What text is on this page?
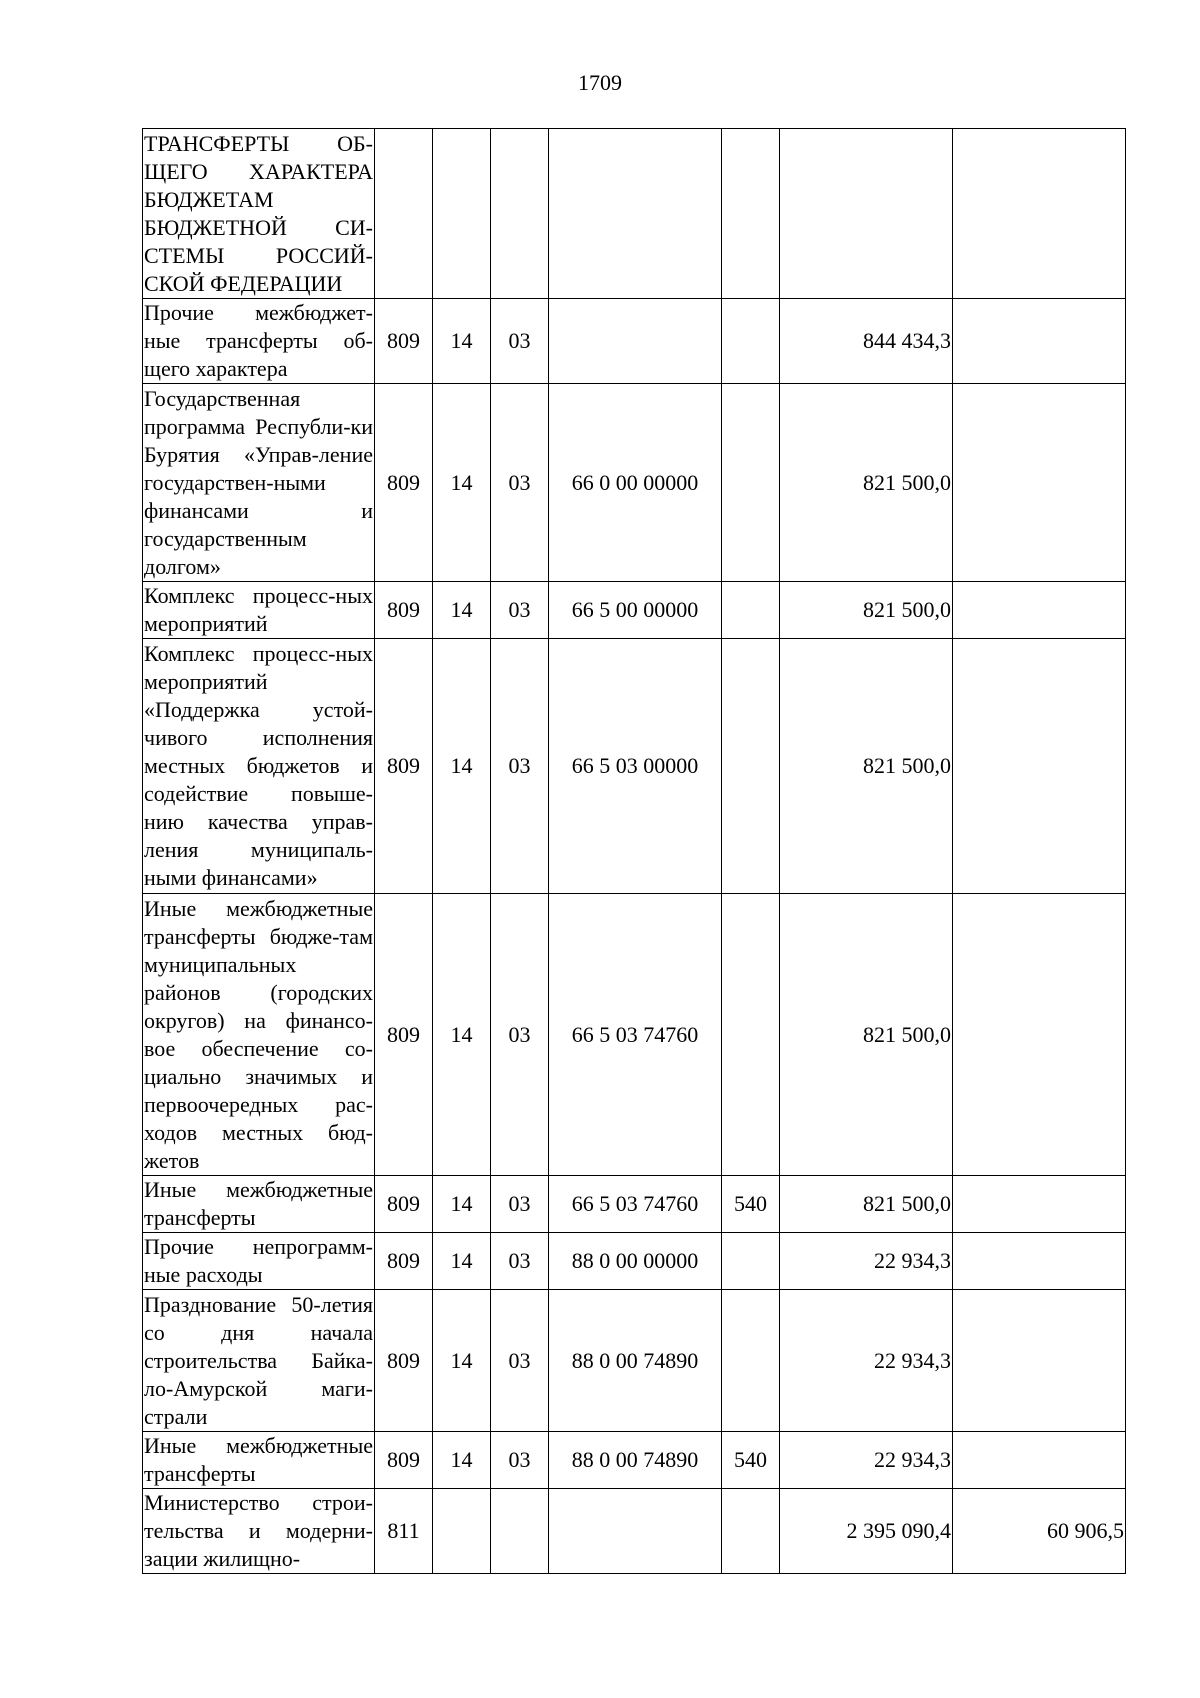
1709
ТРАНСФЕРТЫ ОБ-ЩЕГО ХАРАКТЕРА БЮДЖЕТАМ БЮДЖЕТНОЙ СИ-СТЕМЫ РОССИЙ-СКОЙ ФЕДЕРАЦИИ							
Прочие межбюджет-ные трансферты об-щего характера	809	14	03			844 434,3	
Государственная программа Республи-ки Бурятия «Управ-ление государствен-ными финансами и государственным долгом»	809	14	03	66 0 00 00000		821 500,0	
Комплекс процесс-ных мероприятий	809	14	03	66 5 00 00000		821 500,0	
Комплекс процесс-ных мероприятий «Поддержка устой-чивого исполнения местных бюджетов и содействие повыше-нию качества управ-ления муниципаль-ными финансами»	809	14	03	66 5 03 00000		821 500,0	
Иные межбюджетные трансферты бюдже-там муниципальных районов (городских округов) на финансо-вое обеспечение со-циально значимых и первоочередных рас-ходов местных бюд-жетов	809	14	03	66 5 03 74760		821 500,0	
Иные межбюджетные трансферты	809	14	03	66 5 03 74760	540	821 500,0	
Прочие непрограмм-ные расходы	809	14	03	88 0 00 00000		22 934,3	
Празднование 50-летия со дня начала строительства Байка-ло-Амурской маги-страли	809	14	03	88 0 00 74890		22 934,3	
Иные межбюджетные трансферты	809	14	03	88 0 00 74890	540	22 934,3	
Министерство строи-тельства и модерни-зации жилищно-	811					2 395 090,4	60 906,5
